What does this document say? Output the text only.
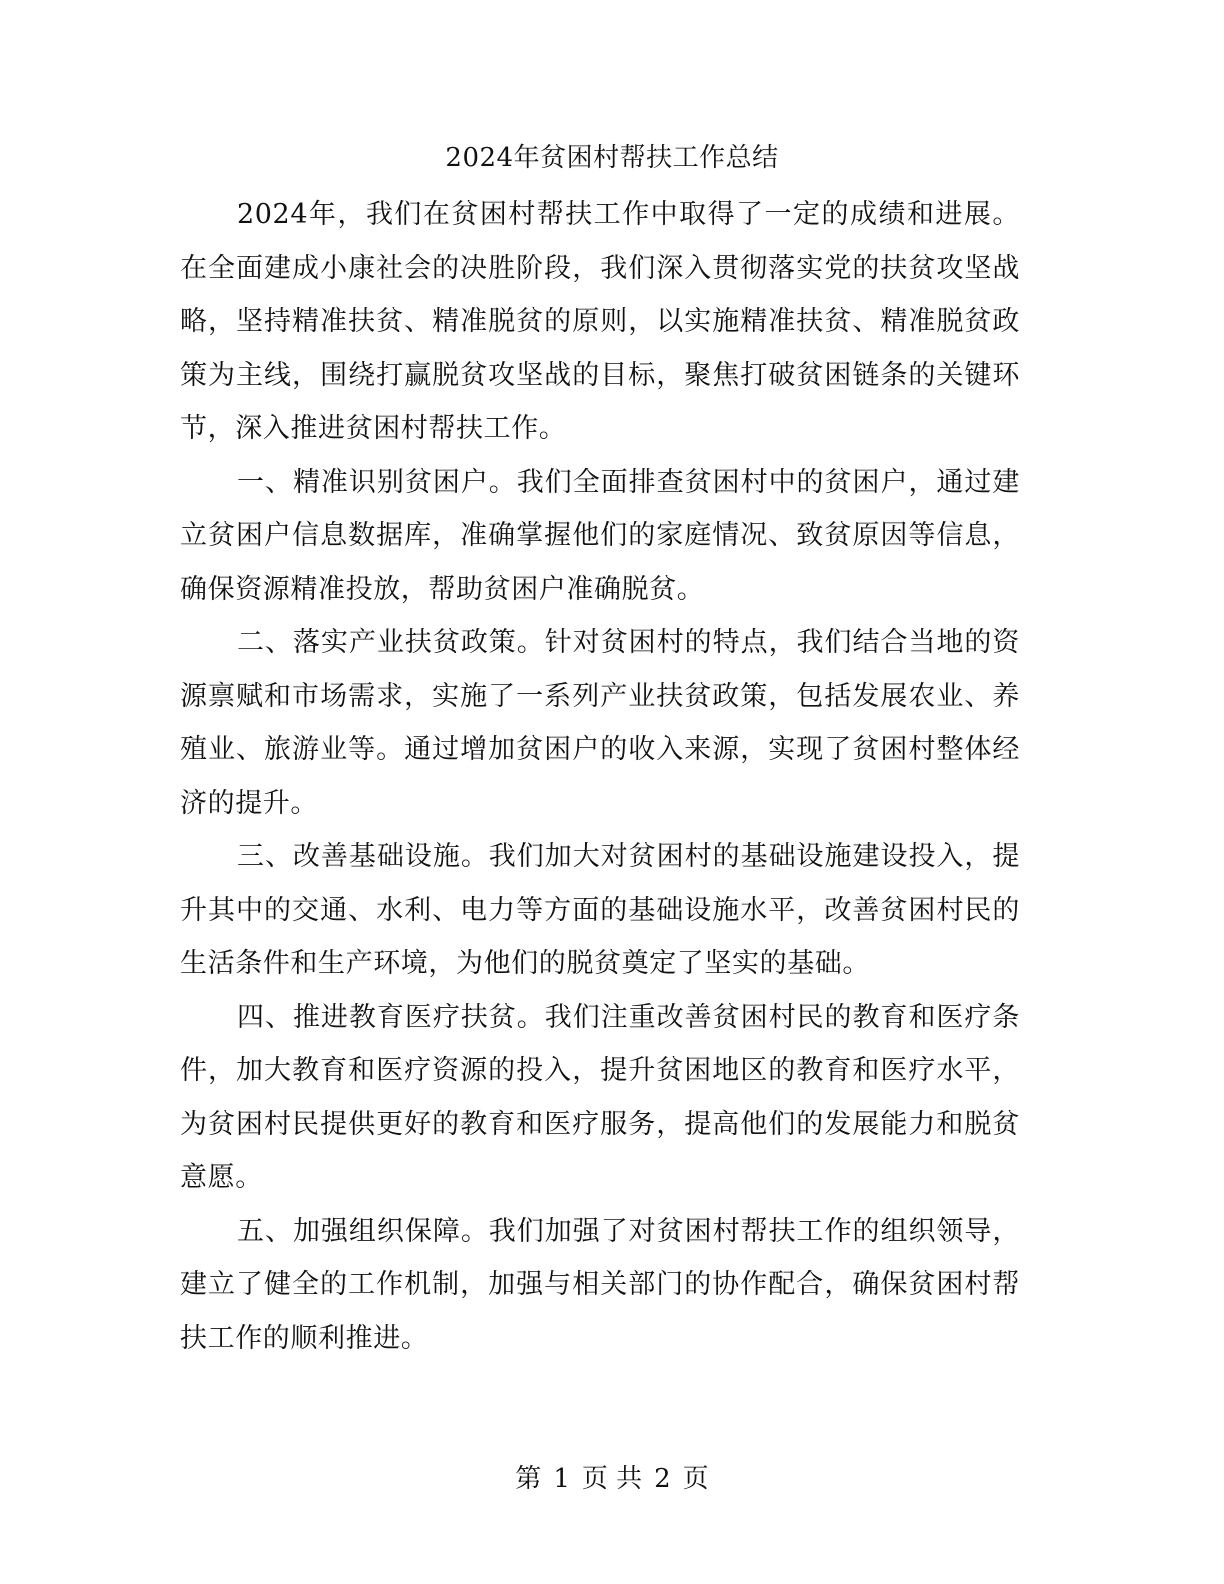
2024年贫困村帮扶工作总结

2024年，我们在贫困村帮扶工作中取得了一定的成绩和进展。在全面建成小康社会的决胜阶段，我们深入贯彻落实党的扶贫攻坚战略，坚持精准扶贫、精准脱贫的原则，以实施精准扶贫、精准脱贫政策为主线，围绕打赢脱贫攻坚战的目标，聚焦打破贫困链条的关键环节，深入推进贫困村帮扶工作。

一、精准识别贫困户。我们全面排查贫困村中的贫困户，通过建立贫困户信息数据库，准确掌握他们的家庭情况、致贫原因等信息，确保资源精准投放，帮助贫困户准确脱贫。

二、落实产业扶贫政策。针对贫困村的特点，我们结合当地的资源禀赋和市场需求，实施了一系列产业扶贫政策，包括发展农业、养殖业、旅游业等。通过增加贫困户的收入来源，实现了贫困村整体经济的提升。

三、改善基础设施。我们加大对贫困村的基础设施建设投入，提升其中的交通、水利、电力等方面的基础设施水平，改善贫困村民的生活条件和生产环境，为他们的脱贫奠定了坚实的基础。

四、推进教育医疗扶贫。我们注重改善贫困村民的教育和医疗条件，加大教育和医疗资源的投入，提升贫困地区的教育和医疗水平，为贫困村民提供更好的教育和医疗服务，提高他们的发展能力和脱贫意愿。

五、加强组织保障。我们加强了对贫困村帮扶工作的组织领导，建立了健全的工作机制，加强与相关部门的协作配合，确保贫困村帮扶工作的顺利推进。

第 1 页 共 2 页
